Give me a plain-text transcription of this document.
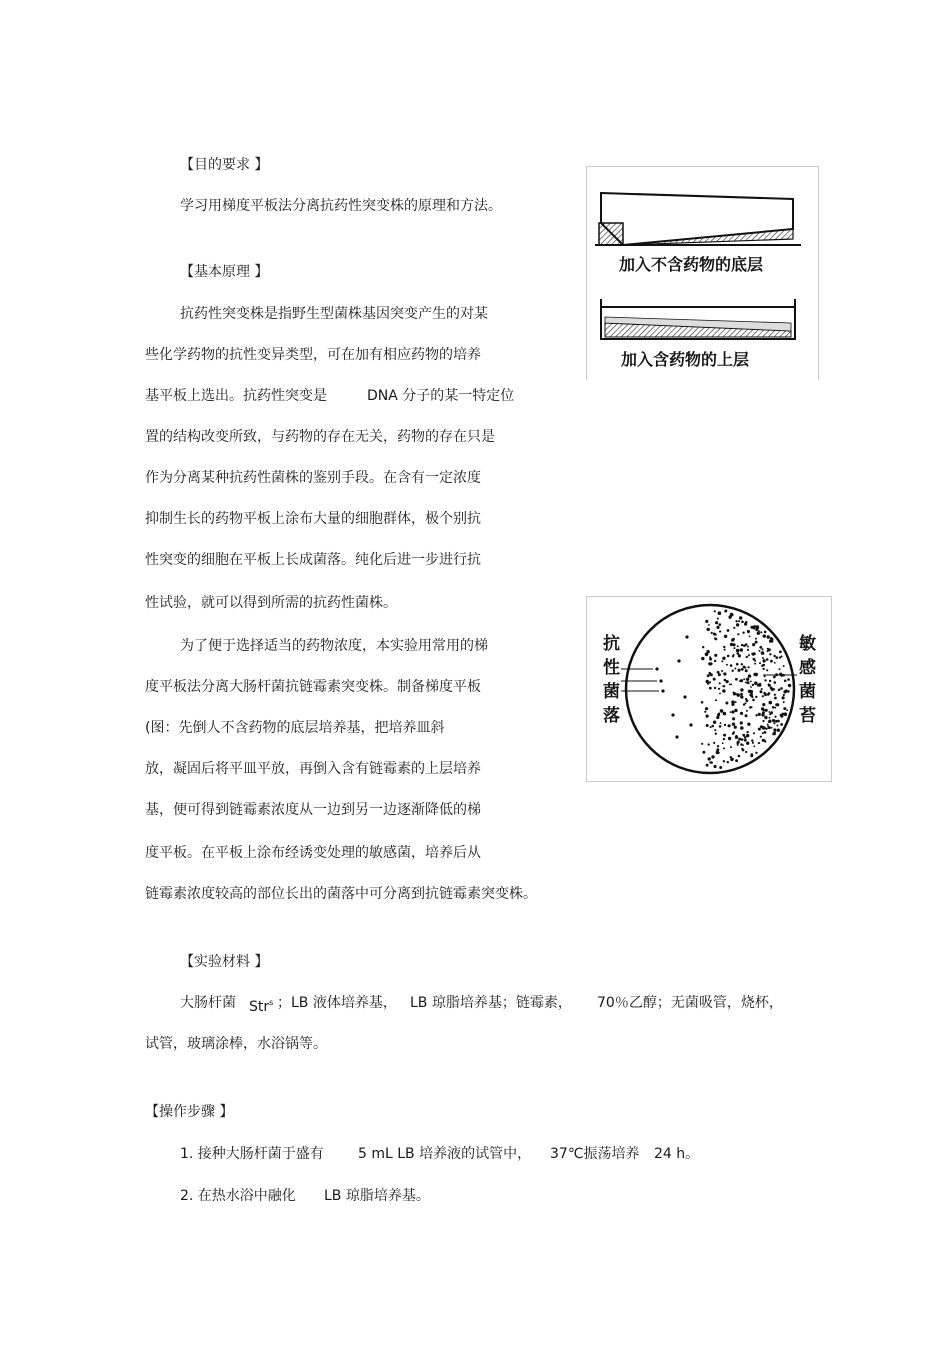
【目的要求 】
学习用梯度平板法分离抗药性突变株的原理和方法。
【基本原理 】
抗药性突变株是指野生型菌株基因突变产生的对某
些化学药物的抗性变异类型，可在加有相应药物的培养
基平板上选出。抗药性突变是	DNA 分子的某一特定位
置的结构改变所致，与药物的存在无关，药物的存在只是
作为分离某种抗药性菌株的鉴别手段。在含有一定浓度
抑制生长的药物平板上涂布大量的细胞群体，极个别抗
性突变的细胞在平板上长成菌落。纯化后进一步进行抗
性试验，就可以得到所需的抗药性菌株。
为了便于选择适当的药物浓度，本实验用常用的梯
度平板法分离大肠杆菌抗链霉素突变株。制备梯度平板
(图：先倒人不含药物的底层培养基，把培养皿斜
放，凝固后将平皿平放，再倒入含有链霉素的上层培养
基，便可得到链霉素浓度从一边到另一边逐渐降低的梯
度平板。在平板上涂布经诱变处理的敏感菌，培养后从
链霉素浓度较高的部位长出的菌落中可分离到抗链霉素突变株。
【实验材料 】
大肠杆菌 Str$^s$ ；LB 液体培养基， LB 琼脂培养基；链霉素， 70％乙醇；无菌吸管，烧杯，
试管，玻璃涂棒，水浴锅等。
【操作步骤 】
1. 接种大肠杆菌于盛有 5 mL LB 培养液的试管中， 37℃振荡培养 24 h。
2. 在热水浴中融化 LB 琼脂培养基。
加入不含药物的底层
加入含药物的上层
抗
性
菌
落
敏
感
菌
苔
